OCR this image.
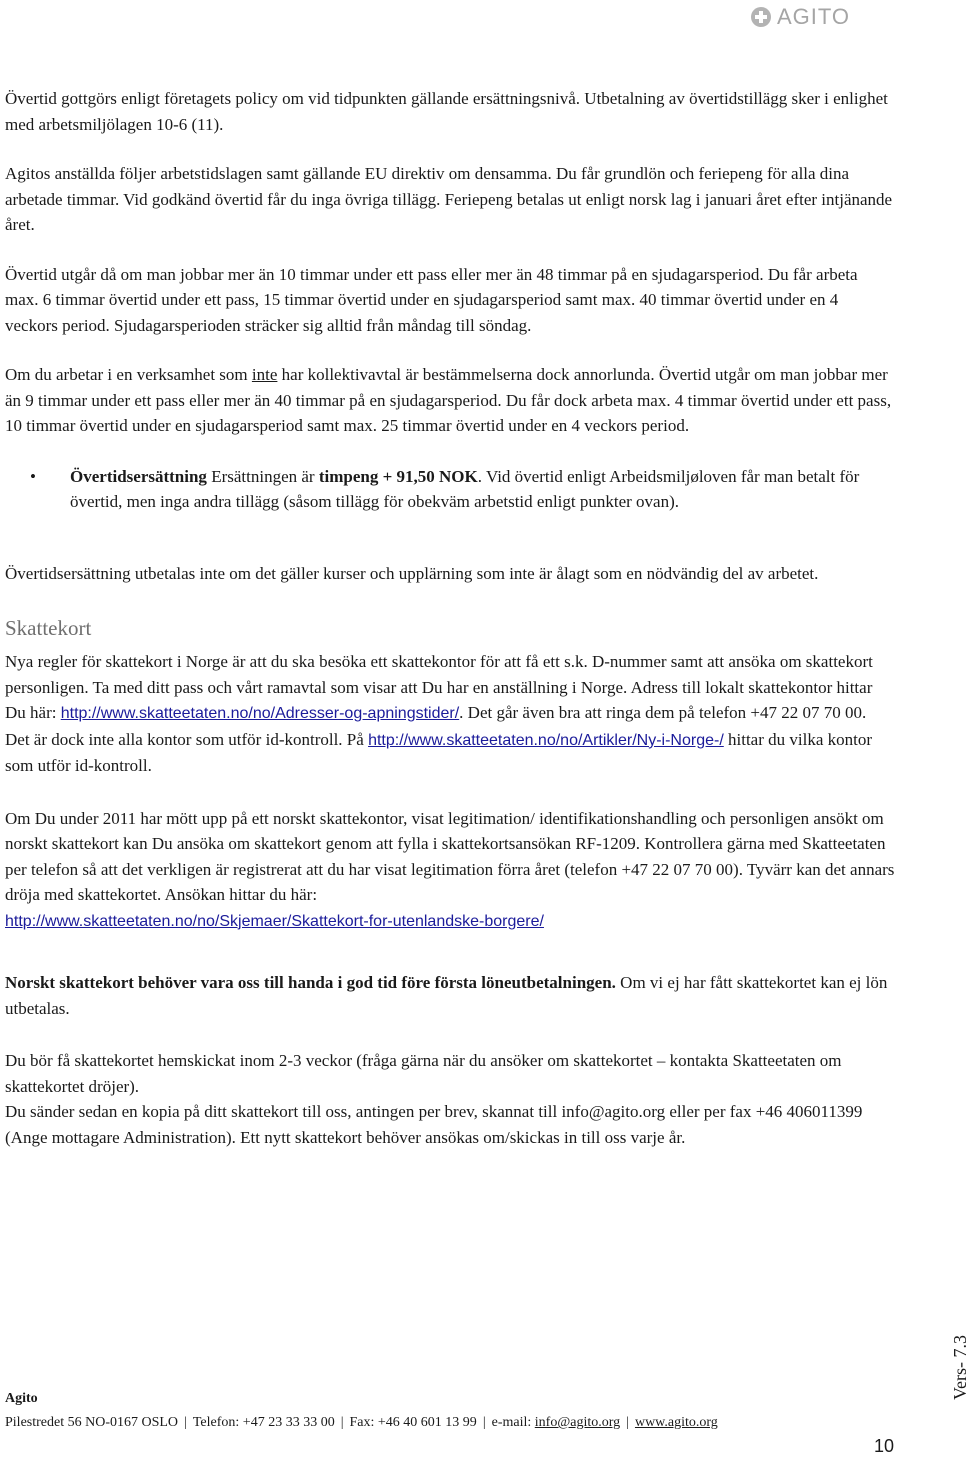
AGITO

Övertid gottgörs enligt företagets policy om vid tidpunkten gällande ersättningsnivå. Utbetalning av övertidstillägg sker i enlighet med arbetsmiljölagen 10-6 (11).

Agitos anställda följer arbetstidslagen samt gällande EU direktiv om densamma. Du får grundlön och feriepeng för alla dina arbetade timmar. Vid godkänd övertid får du inga övriga tillägg. Feriepeng betalas ut enligt norsk lag i januari året efter intjänande året.

Övertid utgår då om man jobbar mer än 10 timmar under ett pass eller mer än 48 timmar på en sjudagarsperiod. Du får arbeta max. 6 timmar övertid under ett pass, 15 timmar övertid under en sjudagarsperiod samt max. 40 timmar övertid under en 4 veckors period. Sjudagarsperioden sträcker sig alltid från måndag till söndag.

Om du arbetar i en verksamhet som inte har kollektivavtal är bestämmelserna dock annorlunda. Övertid utgår om man jobbar mer än 9 timmar under ett pass eller mer än 40 timmar på en sjudagarsperiod. Du får dock arbeta max. 4 timmar övertid under ett pass, 10 timmar övertid under en sjudagarsperiod samt max. 25 timmar övertid under en 4 veckors period.

•	Övertidsersättning Ersättningen är timpeng + 91,50 NOK. Vid övertid enligt Arbeidsmiljøloven får man betalt för övertid, men inga andra tillägg (såsom tillägg för obekväm arbetstid enligt punkter ovan).

Övertidsersättning utbetalas inte om det gäller kurser och upplärning som inte är ålagt som en nödvändig del av arbetet.

Skattekort

Nya regler för skattekort i Norge är att du ska besöka ett skattekontor för att få ett s.k. D-nummer samt att ansöka om skattekort personligen. Ta med ditt pass och vårt ramavtal som visar att Du har en anställning i Norge. Adress till lokalt skattekontor hittar Du här: http://www.skatteetaten.no/no/Adresser-og-apningstider/. Det går även bra att ringa dem på telefon +47 22 07 70 00.
Det är dock inte alla kontor som utför id-kontroll. På http://www.skatteetaten.no/no/Artikler/Ny-i-Norge-/ hittar du vilka kontor som utför id-kontroll.

Om Du under 2011 har mött upp på ett norskt skattekontor, visat legitimation/ identifikationshandling och personligen ansökt om norskt skattekort kan Du ansöka om skattekort genom att fylla i skattekortsansökan RF-1209. Kontrollera gärna med Skatteetaten per telefon så att det verkligen är registrerat att du har visat legitimation förra året (telefon +47 22 07 70 00). Tyvärr kan det annars dröja med skattekortet. Ansökan hittar du här:
http://www.skatteetaten.no/no/Skjemaer/Skattekort-for-utenlandske-borgere/

Norskt skattekort behöver vara oss till handa i god tid före första löneutbetalningen. Om vi ej har fått skattekortet kan ej lön utbetalas.

Du bör få skattekortet hemskickat inom 2-3 veckor (fråga gärna när du ansöker om skattekortet – kontakta Skatteetaten om skattekortet dröjer).

Du sänder sedan en kopia på ditt skattekort till oss, antingen per brev, skannat till info@agito.org eller per fax +46 406011399 (Ange mottagare Administration). Ett nytt skattekort behöver ansökas om/skickas in till oss varje år.

Agito

Pilestredet 56 NO-0167 OSLO | Telefon: +47 23 33 33 00 | Fax: +46 40 601 13 99 | e-mail: info@agito.org | www.agito.org

10
Vers- 7.3
